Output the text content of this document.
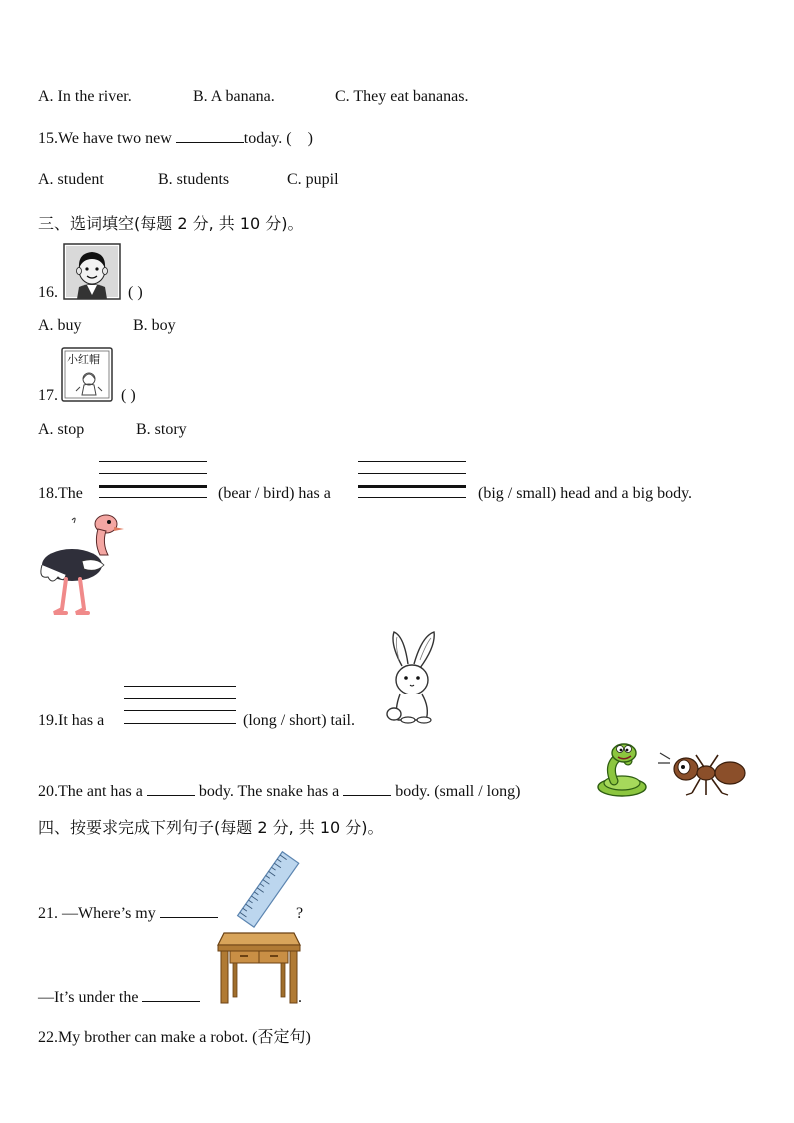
A. In the river.	B. A banana.	C. They eat bananas.
15.We have two new	today. ( )
A. student	B. students	C. pupil
三、选词填空(每题 2 分, 共 10 分)。
16.	( )
A. buy	B. boy
17.
小红帽
( )
A. stop	B. story
18.The	(bear / bird) has a	(big / small) head and a big body.
19.It has a	(long / short) tail.
20.The ant has a	body. The snake has a	body. (small / long)
四、按要求完成下列句子(每题 2 分, 共 10 分)。
21. —Where’s my	?
—It’s under the	.
22.My brother can make a robot. (否定句)
